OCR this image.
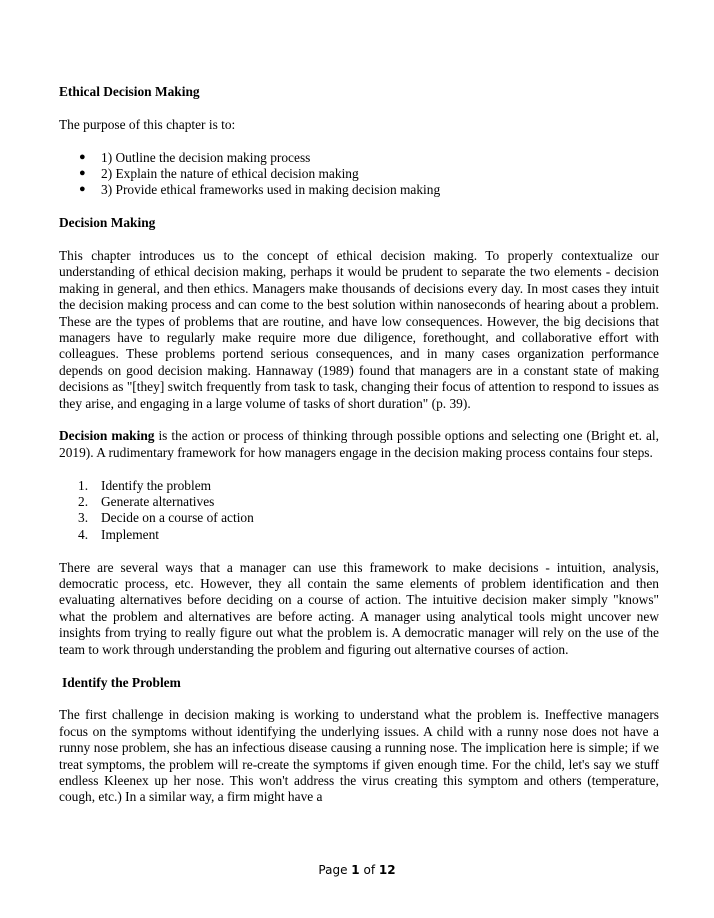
Ethical Decision Making

The purpose of this chapter is to:

● 1) Outline the decision making process
● 2) Explain the nature of ethical decision making
● 3) Provide ethical frameworks used in making decision making

Decision Making

This chapter introduces us to the concept of ethical decision making. To properly contextualize our understanding of ethical decision making, perhaps it would be prudent to separate the two elements - decision making in general, and then ethics. Managers make thousands of decisions every day. In most cases they intuit the decision making process and can come to the best solution within nanoseconds of hearing about a problem. These are the types of problems that are routine, and have low consequences. However, the big decisions that managers have to regularly make require more due diligence, forethought, and collaborative effort with colleagues. These problems portend serious consequences, and in many cases organization performance depends on good decision making. Hannaway (1989) found that managers are in a constant state of making decisions as "[they] switch frequently from task to task, changing their focus of attention to respond to issues as they arise, and engaging in a large volume of tasks of short duration" (p. 39).

Decision making is the action or process of thinking through possible options and selecting one (Bright et. al, 2019). A rudimentary framework for how managers engage in the decision making process contains four steps.

1. Identify the problem
2. Generate alternatives
3. Decide on a course of action
4. Implement

There are several ways that a manager can use this framework to make decisions - intuition, analysis, democratic process, etc. However, they all contain the same elements of problem identification and then evaluating alternatives before deciding on a course of action. The intuitive decision maker simply "knows" what the problem and alternatives are before acting. A manager using analytical tools might uncover new insights from trying to really figure out what the problem is. A democratic manager will rely on the use of the team to work through understanding the problem and figuring out alternative courses of action.

Identify the Problem

The first challenge in decision making is working to understand what the problem is. Ineffective managers focus on the symptoms without identifying the underlying issues. A child with a runny nose does not have a runny nose problem, she has an infectious disease causing a running nose. The implication here is simple; if we treat symptoms, the problem will re-create the symptoms if given enough time. For the child, let's say we stuff endless Kleenex up her nose. This won't address the virus creating this symptom and others (temperature, cough, etc.) In a similar way, a firm might have a

Page 1 of 12
